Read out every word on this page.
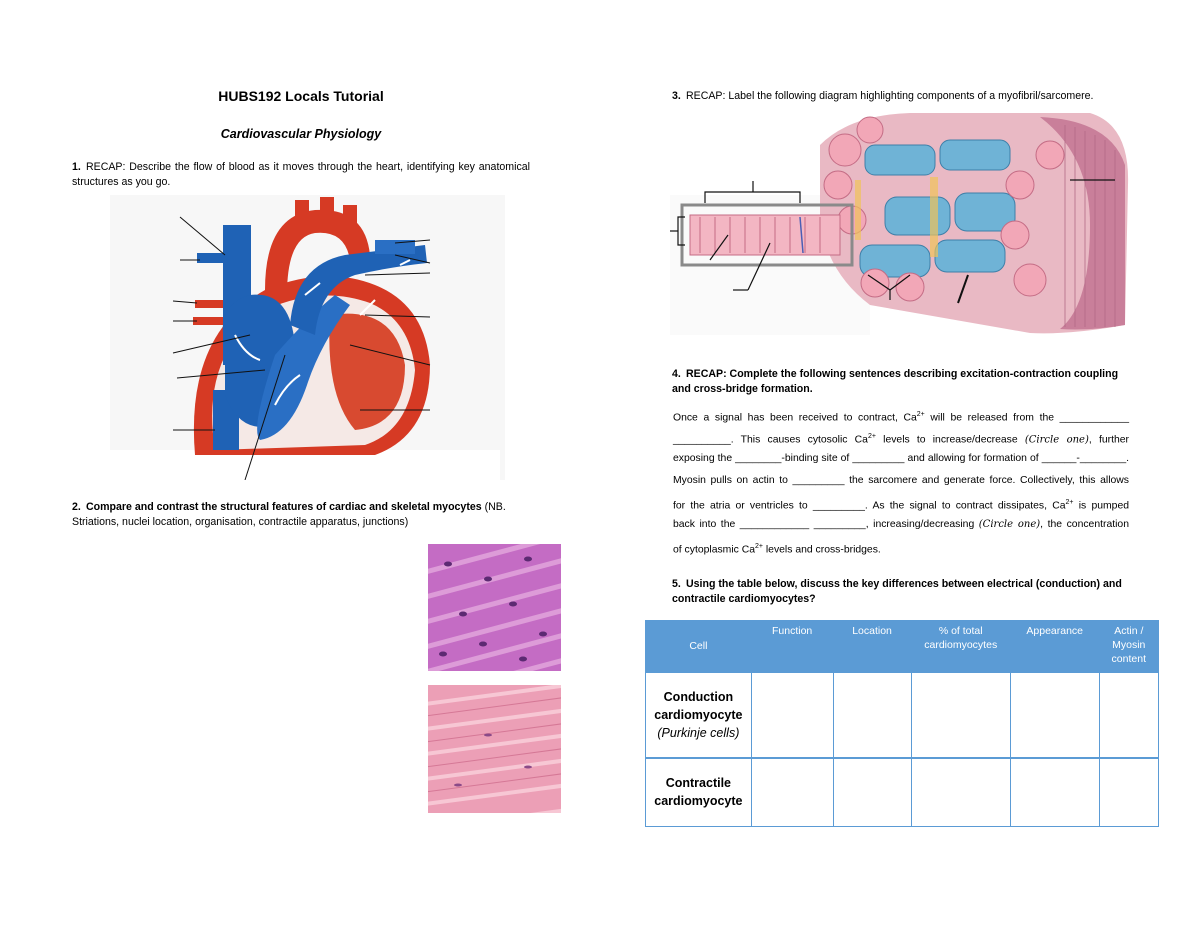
HUBS192 Locals Tutorial
Cardiovascular Physiology
1. RECAP: Describe the flow of blood as it moves through the heart, identifying key anatomical structures as you go.
2. Compare and contrast the structural features of cardiac and skeletal myocytes (NB. Striations, nuclei location, organisation, contractile apparatus, junctions)
3. RECAP: Label the following diagram highlighting components of a myofibril/sarcomere.
4. RECAP: Complete the following sentences describing excitation-contraction coupling and cross-bridge formation.
Once a signal has been received to contract, $Ca^{2+}$ will be released from the ____________
__________. This causes cytosolic $Ca^{2+}$ levels to increase/decrease (Circle one), further
exposing the ________-binding site of _________ and allowing for formation of ______-________.
Myosin pulls on actin to _________ the sarcomere and generate force. Collectively, this allows
for the atria or ventricles to _________. As the signal to contract dissipates, $Ca^{2+}$ is pumped
back into the ____________ _________, increasing/decreasing (Circle one), the concentration
of cytoplasmic $Ca^{2+}$ levels and cross-bridges.
5. Using the table below, discuss the key differences between electrical (conduction) and contractile cardiomyocytes?
Cell	Function	Location	% of total cardiomyocytes	Appearance	Actin / Myosin content
Conduction cardiomyocyte
(Purkinje cells)					
Contractile cardiomyocyte					
